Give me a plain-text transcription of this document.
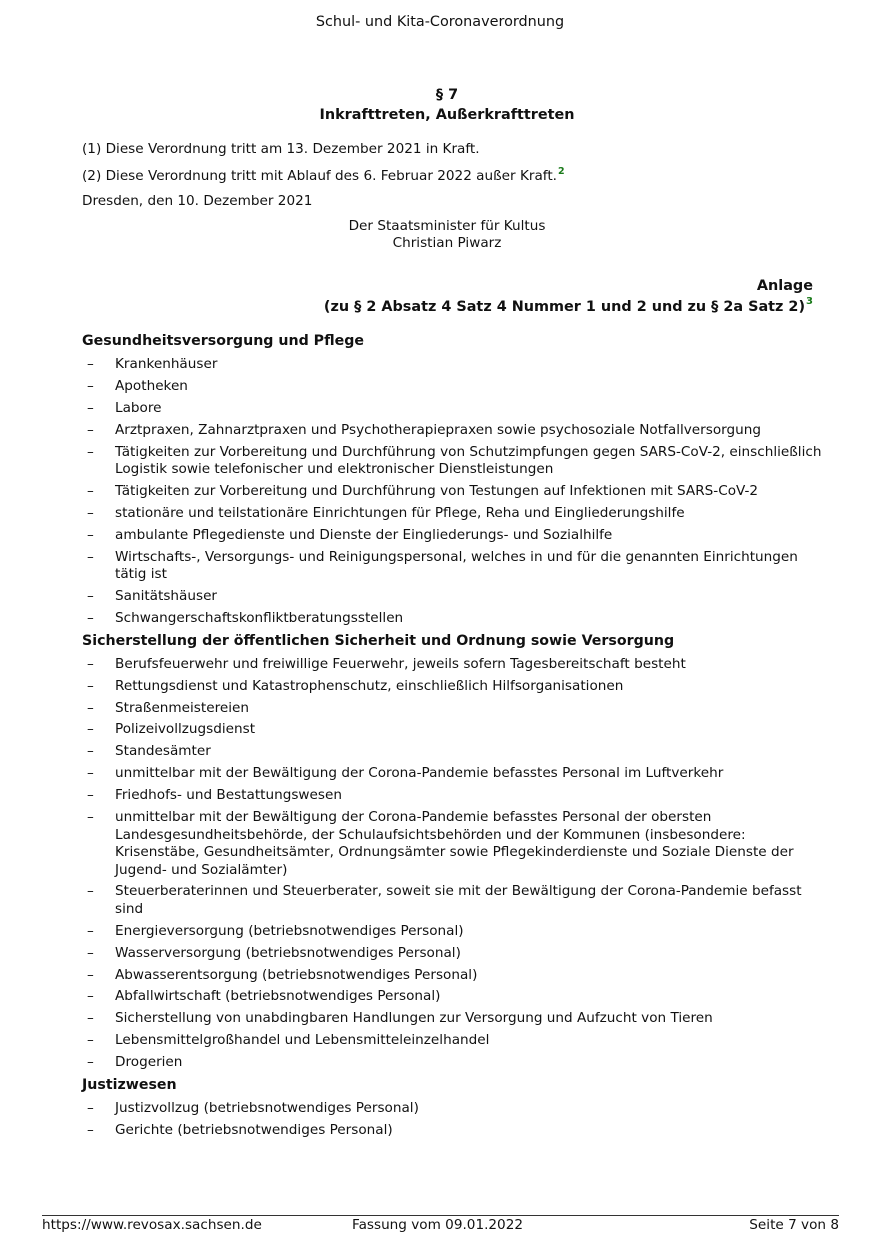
Schul- und Kita-Coronaverordnung
§ 7
Inkrafttreten, Außerkrafttreten
(1) Diese Verordnung tritt am 13. Dezember 2021 in Kraft.
(2) Diese Verordnung tritt mit Ablauf des 6. Februar 2022 außer Kraft.$^2$
Dresden, den 10. Dezember 2021
Der Staatsminister für Kultus
Christian Piwarz
Anlage
(zu § 2 Absatz 4 Satz 4 Nummer 1 und 2 und zu § 2a Satz 2)$^3$
Gesundheitsversorgung und Pflege
– Krankenhäuser
– Apotheken
– Labore
– Arztpraxen, Zahnarztpraxen und Psychotherapiepraxen sowie psychosoziale Notfallversorgung
– Tätigkeiten zur Vorbereitung und Durchführung von Schutzimpfungen gegen SARS-CoV-2, einschließlich Logistik sowie telefonischer und elektronischer Dienstleistungen
– Tätigkeiten zur Vorbereitung und Durchführung von Testungen auf Infektionen mit SARS-CoV-2
– stationäre und teilstationäre Einrichtungen für Pflege, Reha und Eingliederungshilfe
– ambulante Pflegedienste und Dienste der Eingliederungs- und Sozialhilfe
– Wirtschafts-, Versorgungs- und Reinigungspersonal, welches in und für die genannten Einrichtungen tätig ist
– Sanitätshäuser
– Schwangerschaftskonfliktberatungsstellen
Sicherstellung der öffentlichen Sicherheit und Ordnung sowie Versorgung
– Berufsfeuerwehr und freiwillige Feuerwehr, jeweils sofern Tagesbereitschaft besteht
– Rettungsdienst und Katastrophenschutz, einschließlich Hilfsorganisationen
– Straßenmeistereien
– Polizeivollzugsdienst
– Standesämter
– unmittelbar mit der Bewältigung der Corona-Pandemie befasstes Personal im Luftverkehr
– Friedhofs- und Bestattungswesen
– unmittelbar mit der Bewältigung der Corona-Pandemie befasstes Personal der obersten Landesgesundheitsbehörde, der Schulaufsichtsbehörden und der Kommunen (insbesondere: Krisenstäbe, Gesundheitsämter, Ordnungsämter sowie Pflegekinderdienste und Soziale Dienste der Jugend- und Sozialämter)
– Steuerberaterinnen und Steuerberater, soweit sie mit der Bewältigung der Corona-Pandemie befasst sind
– Energieversorgung (betriebsnotwendiges Personal)
– Wasserversorgung (betriebsnotwendiges Personal)
– Abwasserentsorgung (betriebsnotwendiges Personal)
– Abfallwirtschaft (betriebsnotwendiges Personal)
– Sicherstellung von unabdingbaren Handlungen zur Versorgung und Aufzucht von Tieren
– Lebensmittelgroßhandel und Lebensmitteleinzelhandel
– Drogerien
Justizwesen
– Justizvollzug (betriebsnotwendiges Personal)
– Gerichte (betriebsnotwendiges Personal)
https://www.revosax.sachsen.de	Fassung vom 09.01.2022	Seite 7 von 8
